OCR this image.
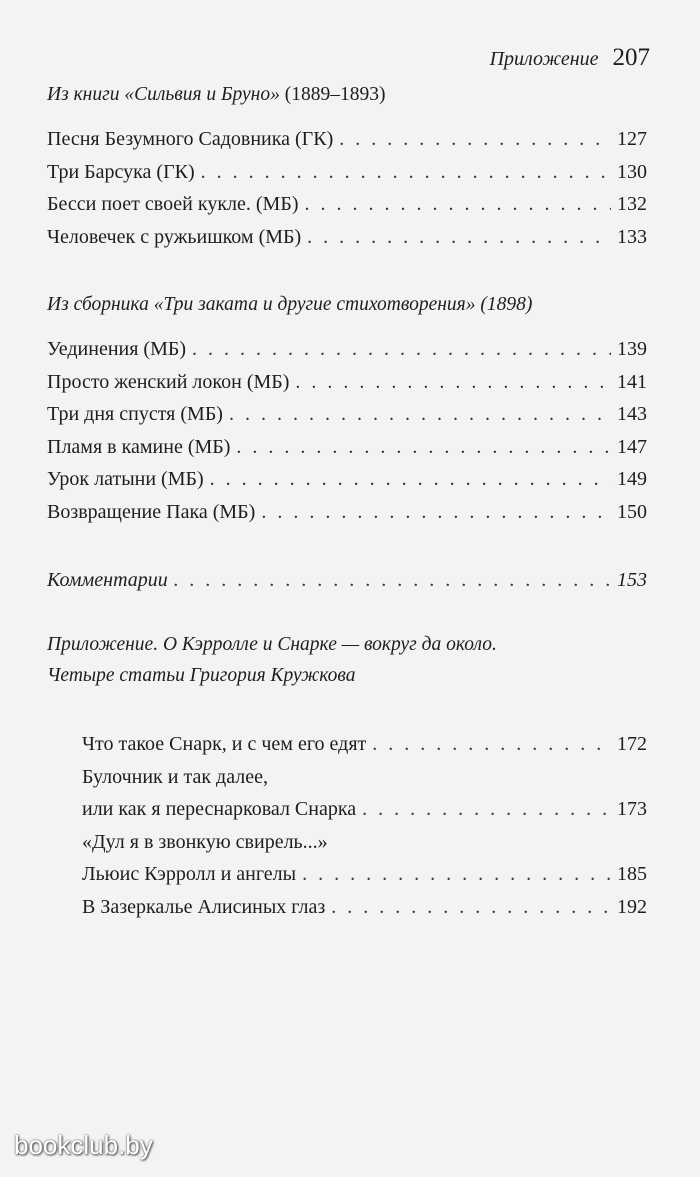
Приложение 207
Из книги «Сильвия и Бруно» (1889–1893)
Песня Безумного Садовника (ГК) . . .	127
Три Барсука (ГК) . . .	130
Бесси поет своей кукле. (МБ) . . .	132
Человечек с ружьишком (МБ) . . .	133
Из сборника «Три заката и другие стихотворения» (1898)
Уединения (МБ) . . .	139
Просто женский локон (МБ) . . .	141
Три дня спустя (МБ) . . .	143
Пламя в камине (МБ) . . .	147
Урок латыни (МБ) . . .	149
Возвращение Пака (МБ) . . .	150
Комментарии . . .	153
Приложение. О Кэрролле и Снарке — вокруг да около.
Четыре статьи Григория Кружкова
Что такое Снарк, и с чем его едят . . .	172
Булочник и так далее,
или как я переснарковал Снарка . . .	173
«Дул я в звонкую свирель...»
Льюис Кэрролл и ангелы . . .	185
В Зазеркалье Алисиных глаз . . .	192
bookclub.by
